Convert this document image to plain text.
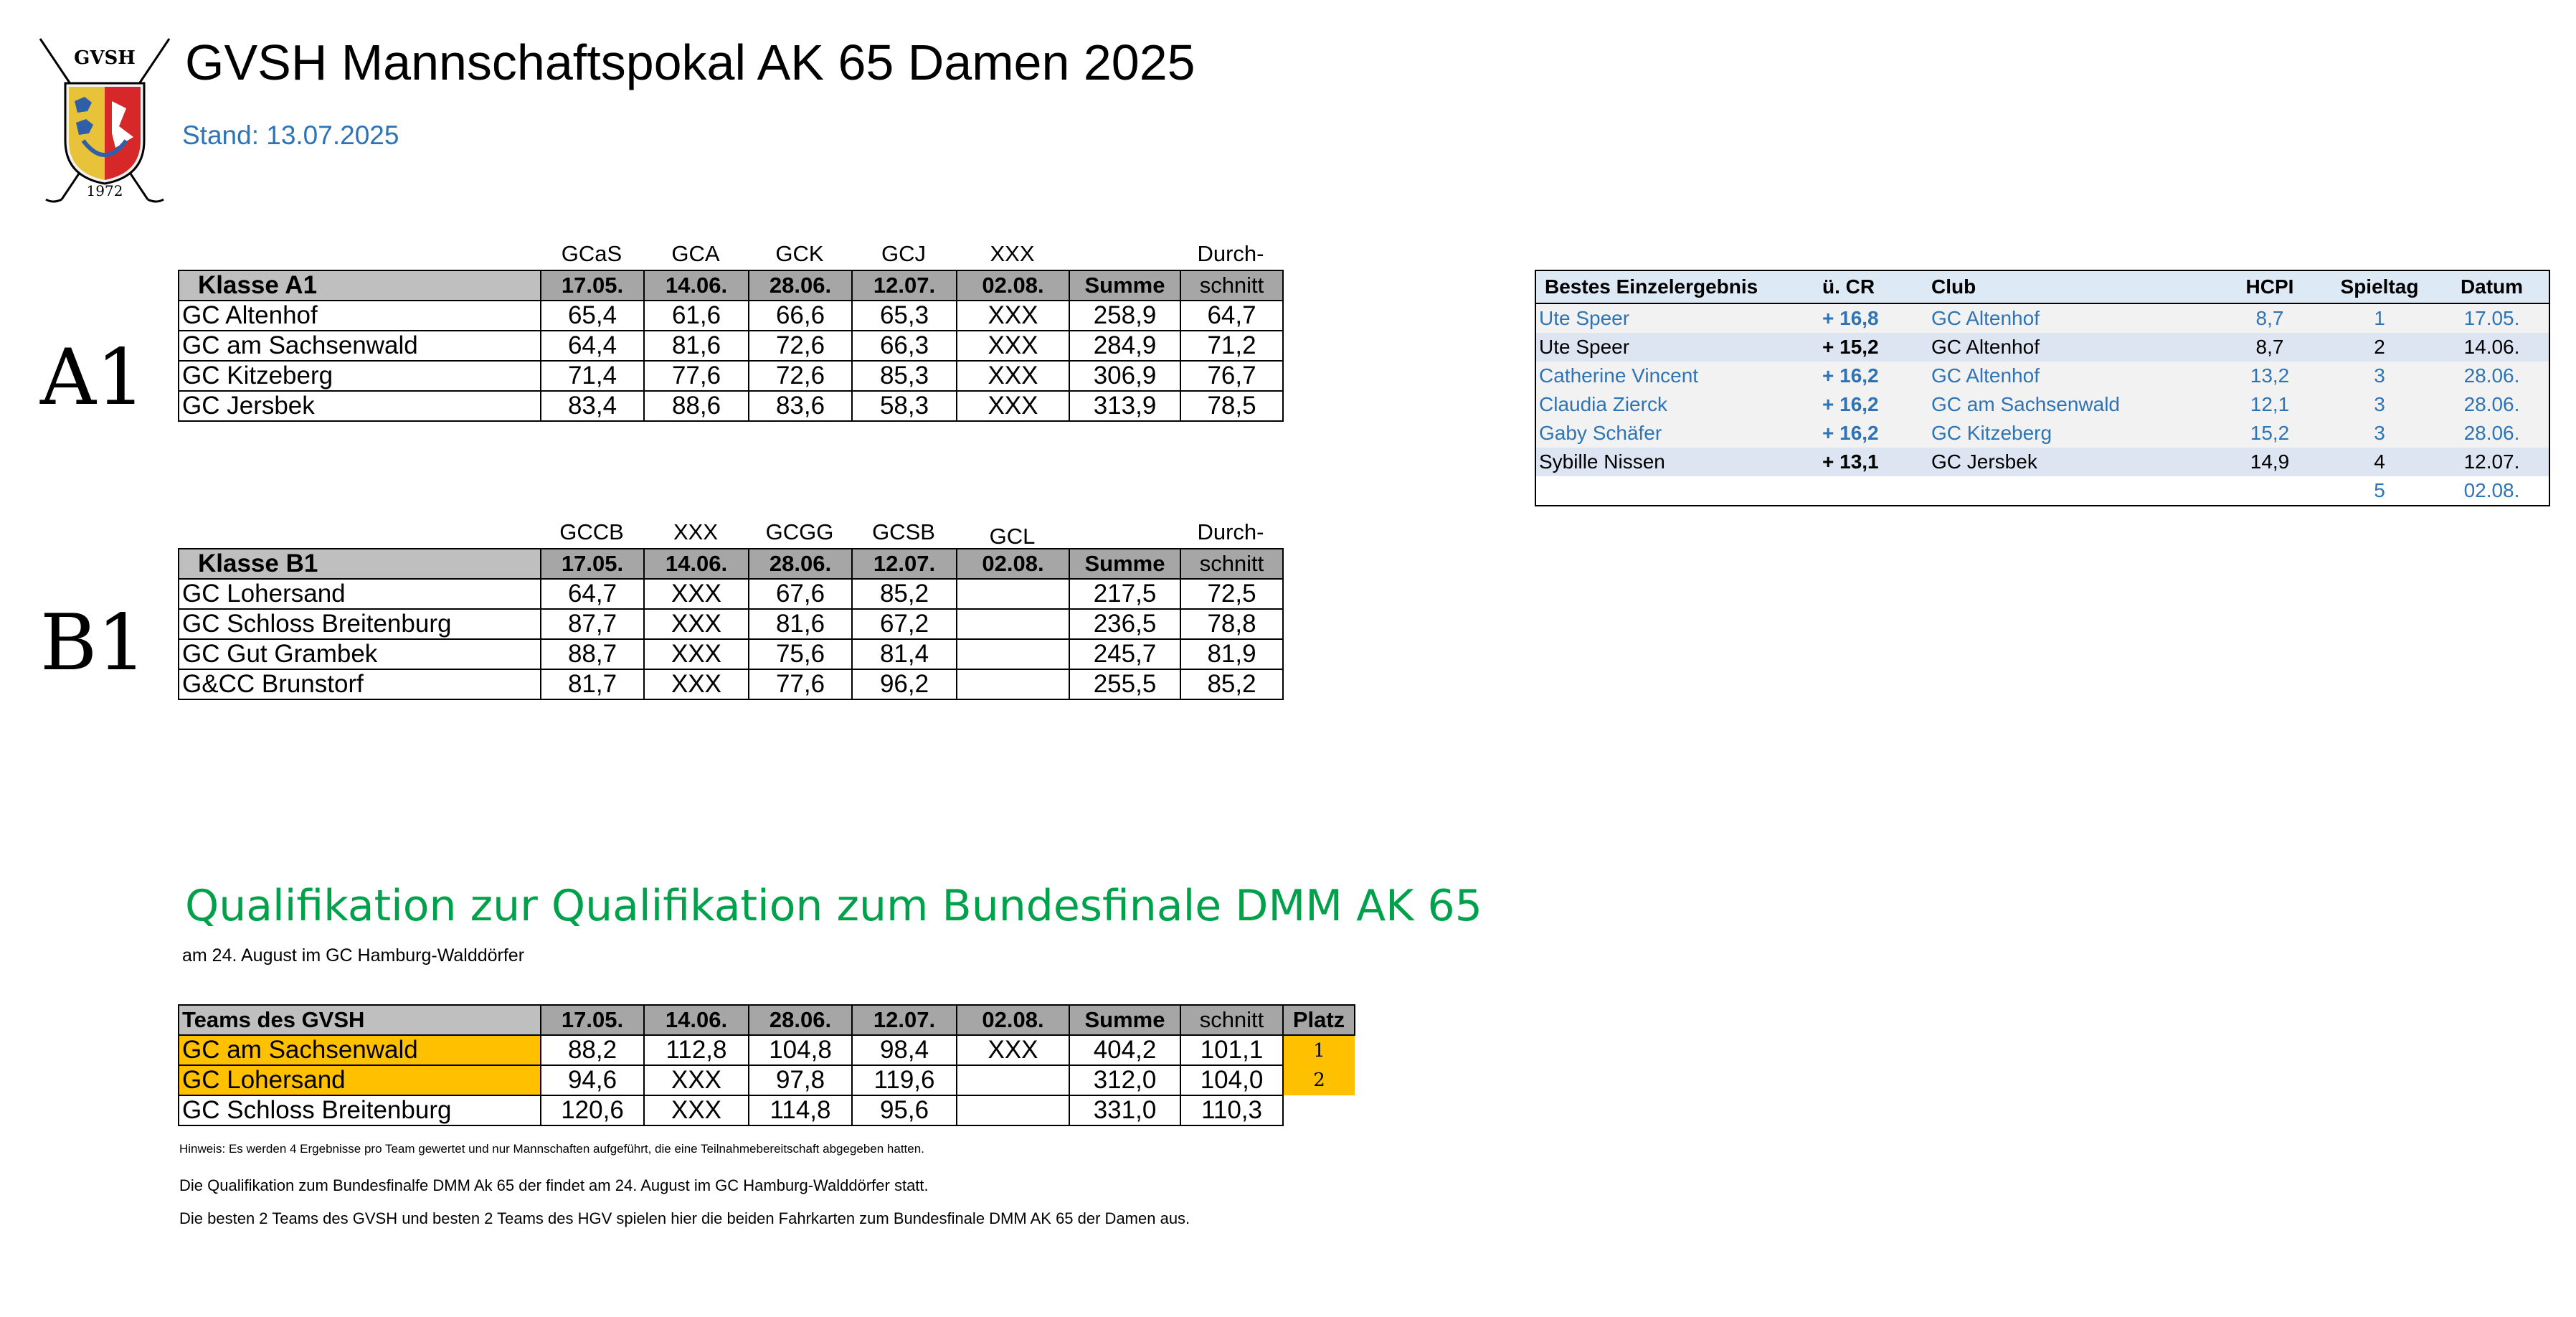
GVSH
1972
GVSH Mannschaftspokal AK 65 Damen 2025
Stand: 13.07.2025
A1
GCaS	GCA	GCK	GCJ	XXX	Durch-
Klasse A1	17.05.	14.06.	28.06.	12.07.	02.08.	Summe	schnitt
GC Altenhof	65,4	61,6	66,6	65,3	XXX	258,9	64,7
GC am Sachsenwald	64,4	81,6	72,6	66,3	XXX	284,9	71,2
GC Kitzeberg	71,4	77,6	72,6	85,3	XXX	306,9	76,7
GC Jersbek	83,4	88,6	83,6	58,3	XXX	313,9	78,5
B1
GCCB	XXX	GCGG	GCSB	GCL	Durch-
Klasse B1	17.05.	14.06.	28.06.	12.07.	02.08.	Summe	schnitt
GC Lohersand	64,7	XXX	67,6	85,2		217,5	72,5
GC Schloss Breitenburg	87,7	XXX	81,6	67,2		236,5	78,8
GC Gut Grambek	88,7	XXX	75,6	81,4		245,7	81,9
G&CC Brunstorf	81,7	XXX	77,6	96,2		255,5	85,2
Bestes Einzelergebnis	ü. CR	Club	HCPI	Spieltag	Datum
Ute Speer	+ 16,8	GC Altenhof	8,7	1	17.05.
Ute Speer	+ 15,2	GC Altenhof	8,7	2	14.06.
Catherine Vincent	+ 16,2	GC Altenhof	13,2	3	28.06.
Claudia Zierck	+ 16,2	GC am Sachsenwald	12,1	3	28.06.
Gaby Schäfer	+ 16,2	GC Kitzeberg	15,2	3	28.06.
Sybille Nissen	+ 13,1	GC Jersbek	14,9	4	12.07.
				5	02.08.
Qualifikation zur Qualifikation zum Bundesfinale DMM AK 65
am 24. August im GC Hamburg-Walddörfer
Teams des GVSH	17.05.	14.06.	28.06.	12.07.	02.08.	Summe	schnitt	Platz
GC am Sachsenwald	88,2	112,8	104,8	98,4	XXX	404,2	101,1	1
GC Lohersand	94,6	XXX	97,8	119,6		312,0	104,0	2
GC Schloss Breitenburg	120,6	XXX	114,8	95,6		331,0	110,3	
Hinweis: Es werden 4 Ergebnisse pro Team gewertet und nur Mannschaften aufgeführt, die eine Teilnahmebereitschaft abgegeben hatten.
Die Qualifikation zum Bundesfinalfe DMM Ak 65 der findet am 24. August im GC Hamburg-Walddörfer statt.
Die besten 2 Teams des GVSH und besten 2 Teams des HGV spielen hier die beiden Fahrkarten zum Bundesfinale DMM AK 65 der Damen aus.
